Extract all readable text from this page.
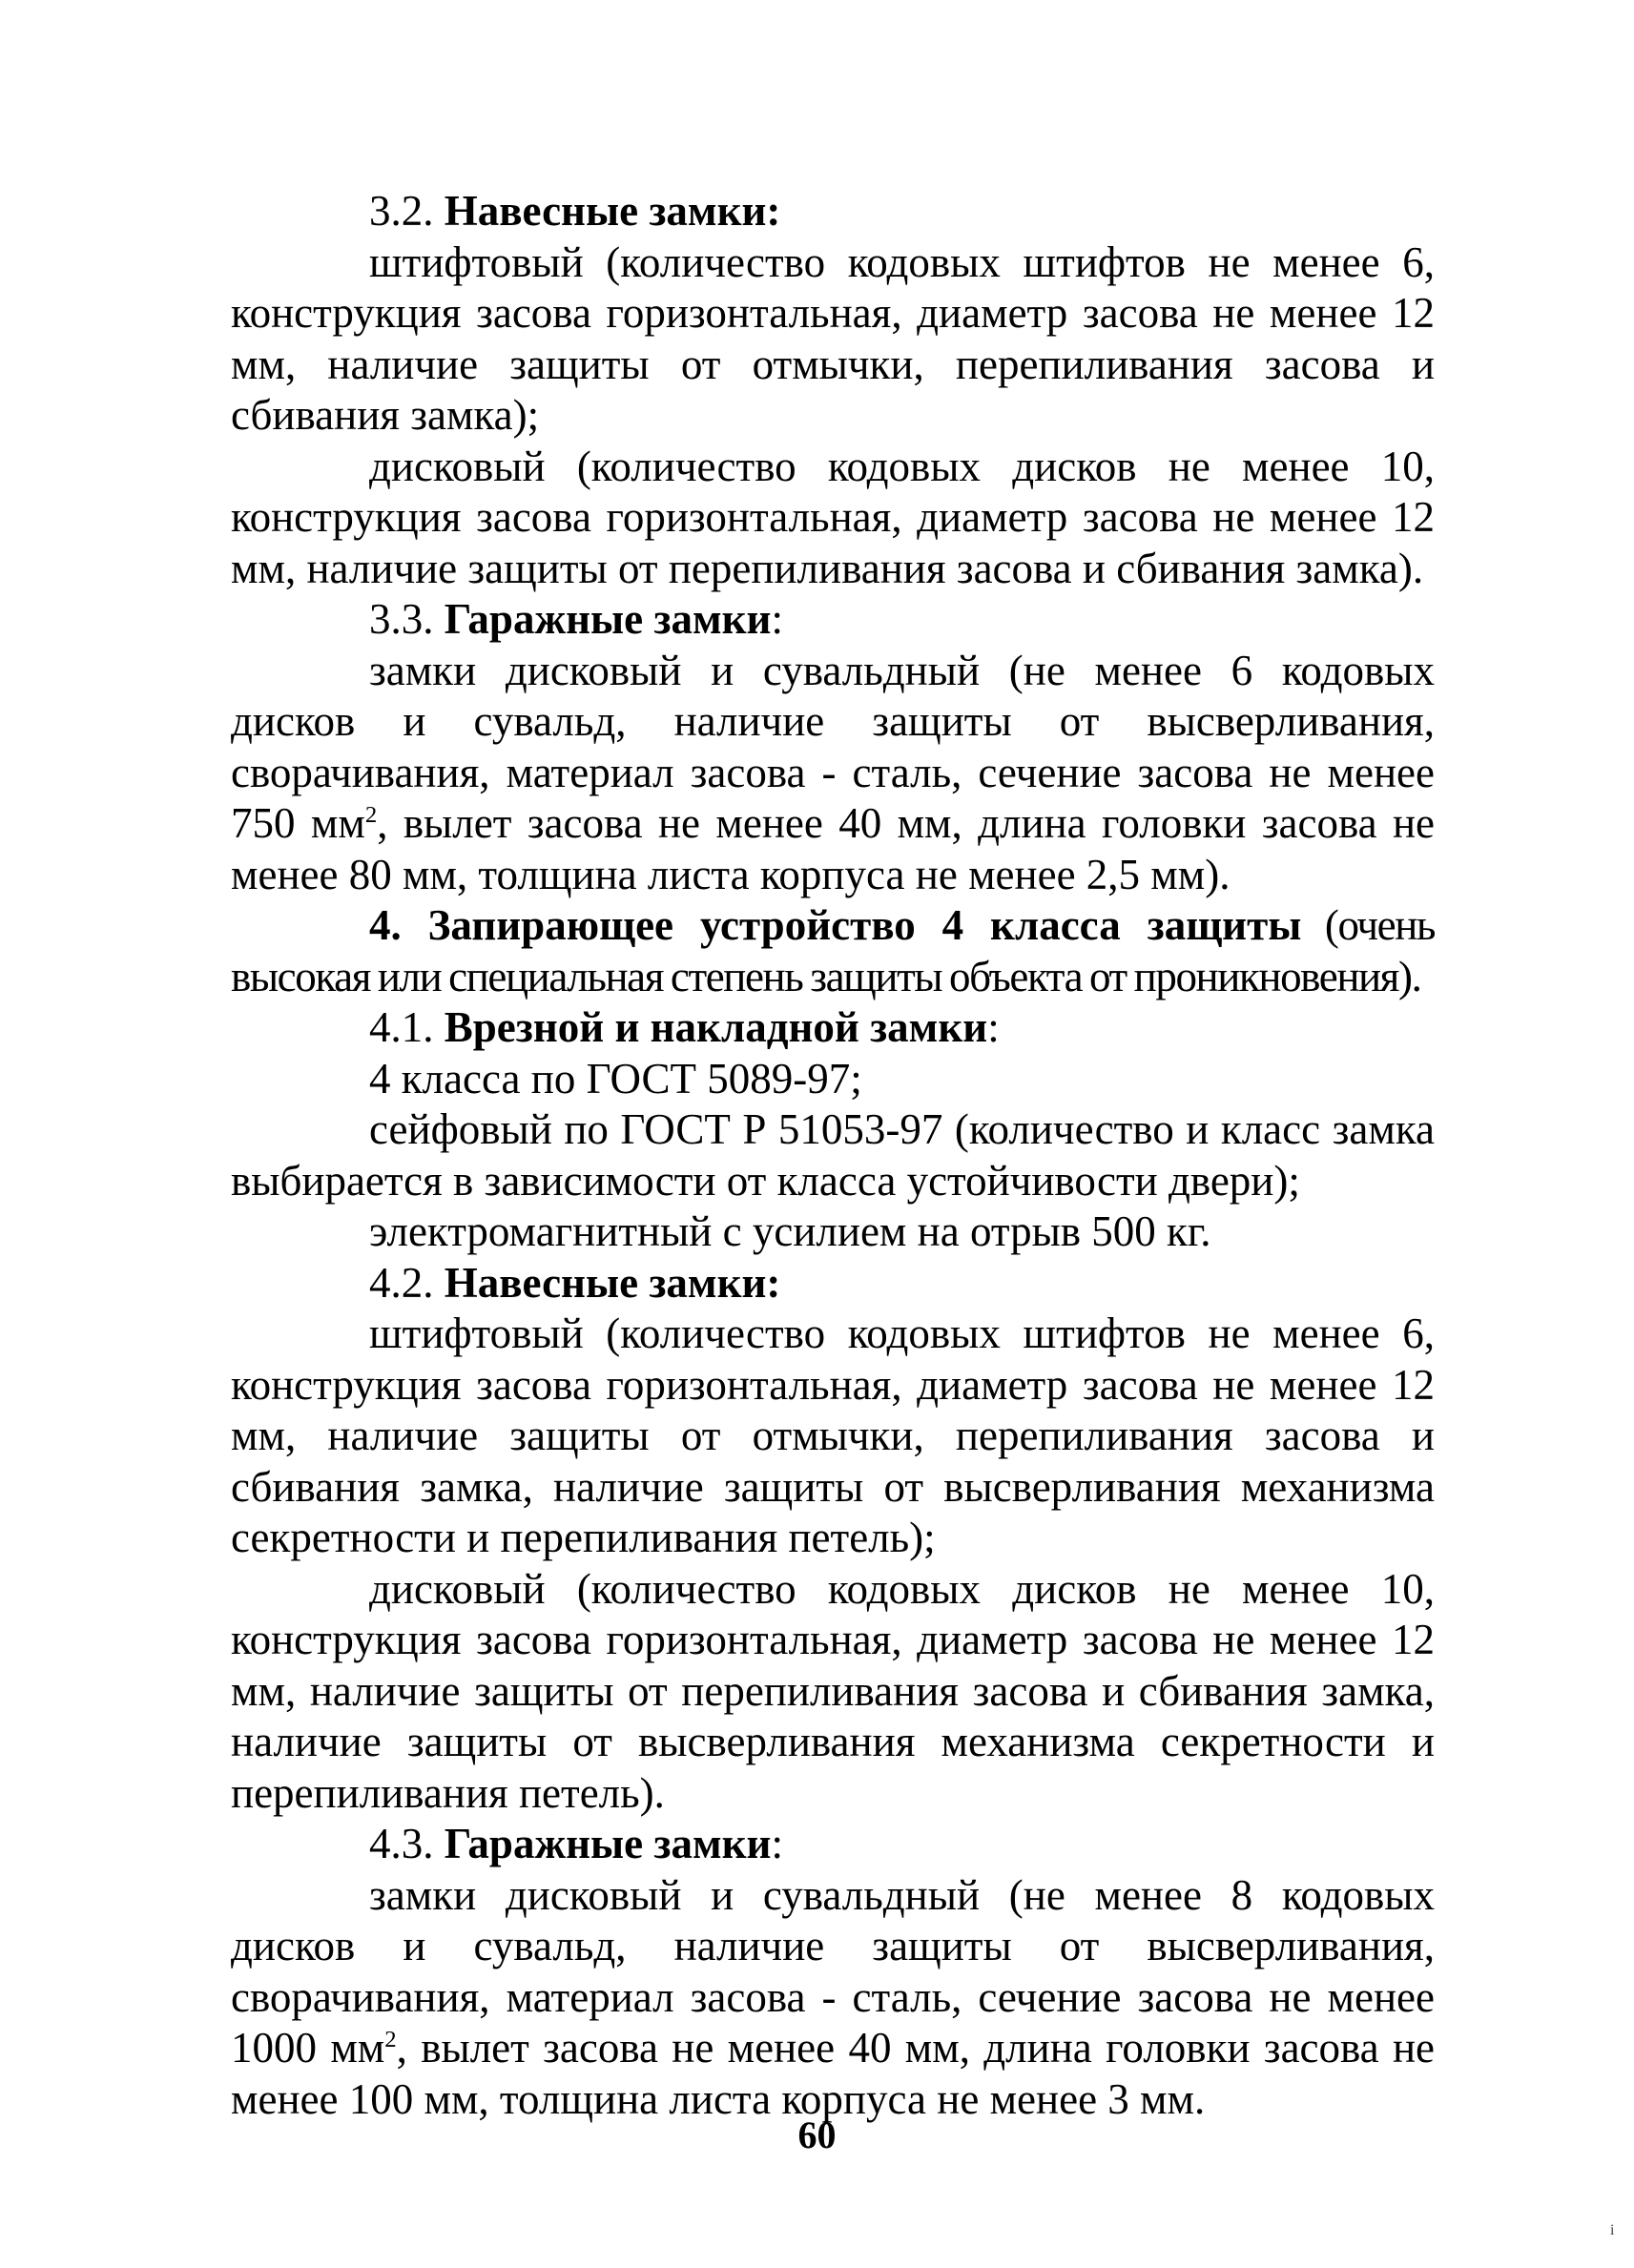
3.2. Навесные замки:

штифтовый (количество кодовых штифтов не менее 6, конструкция засова горизонтальная, диаметр засова не менее 12 мм, наличие защиты от отмычки, перепиливания засова и сбивания замка);

дисковый (количество кодовых дисков не менее 10, конструкция засова горизонтальная, диаметр засова не менее 12 мм, наличие защиты от перепиливания засова и сбивания замка).

3.3. Гаражные замки:

замки дисковый и сувальдный (не менее 6 кодовых дисков и сувальд, наличие защиты от высверливания, сворачивания, материал засова - сталь, сечение засова не менее 750 $мм^2$, вылет засова не менее 40 мм, длина головки засова не менее 80 мм, толщина листа корпуса не менее 2,5 мм).

4. Запирающее устройство 4 класса защиты (очень высокая или специальная степень защиты объекта от проникновения).

4.1. Врезной и накладной замки:

4 класса по ГОСТ 5089-97;

сейфовый по ГОСТ Р 51053-97 (количество и класс замка выбирается в зависимости от класса устойчивости двери);

электромагнитный с усилием на отрыв 500 кг.

4.2. Навесные замки:

штифтовый (количество кодовых штифтов не менее 6, конструкция засова горизонтальная, диаметр засова не менее 12 мм, наличие защиты от отмычки, перепиливания засова и сбивания замка, наличие защиты от высверливания механизма секретности и перепиливания петель);

дисковый (количество кодовых дисков не менее 10, конструкция засова горизонтальная, диаметр засова не менее 12 мм, наличие защиты от перепиливания засова и сбивания замка, наличие защиты от высверливания механизма секретности и перепиливания петель).

4.3. Гаражные замки:

замки дисковый и сувальдный (не менее 8 кодовых дисков и сувальд, наличие защиты от высверливания, сворачивания, материал засова - сталь, сечение засова не менее 1000 $мм^2$, вылет засова не менее 40 мм, длина головки засова не менее 100 мм, толщина листа корпуса не менее 3 мм.

60
i
